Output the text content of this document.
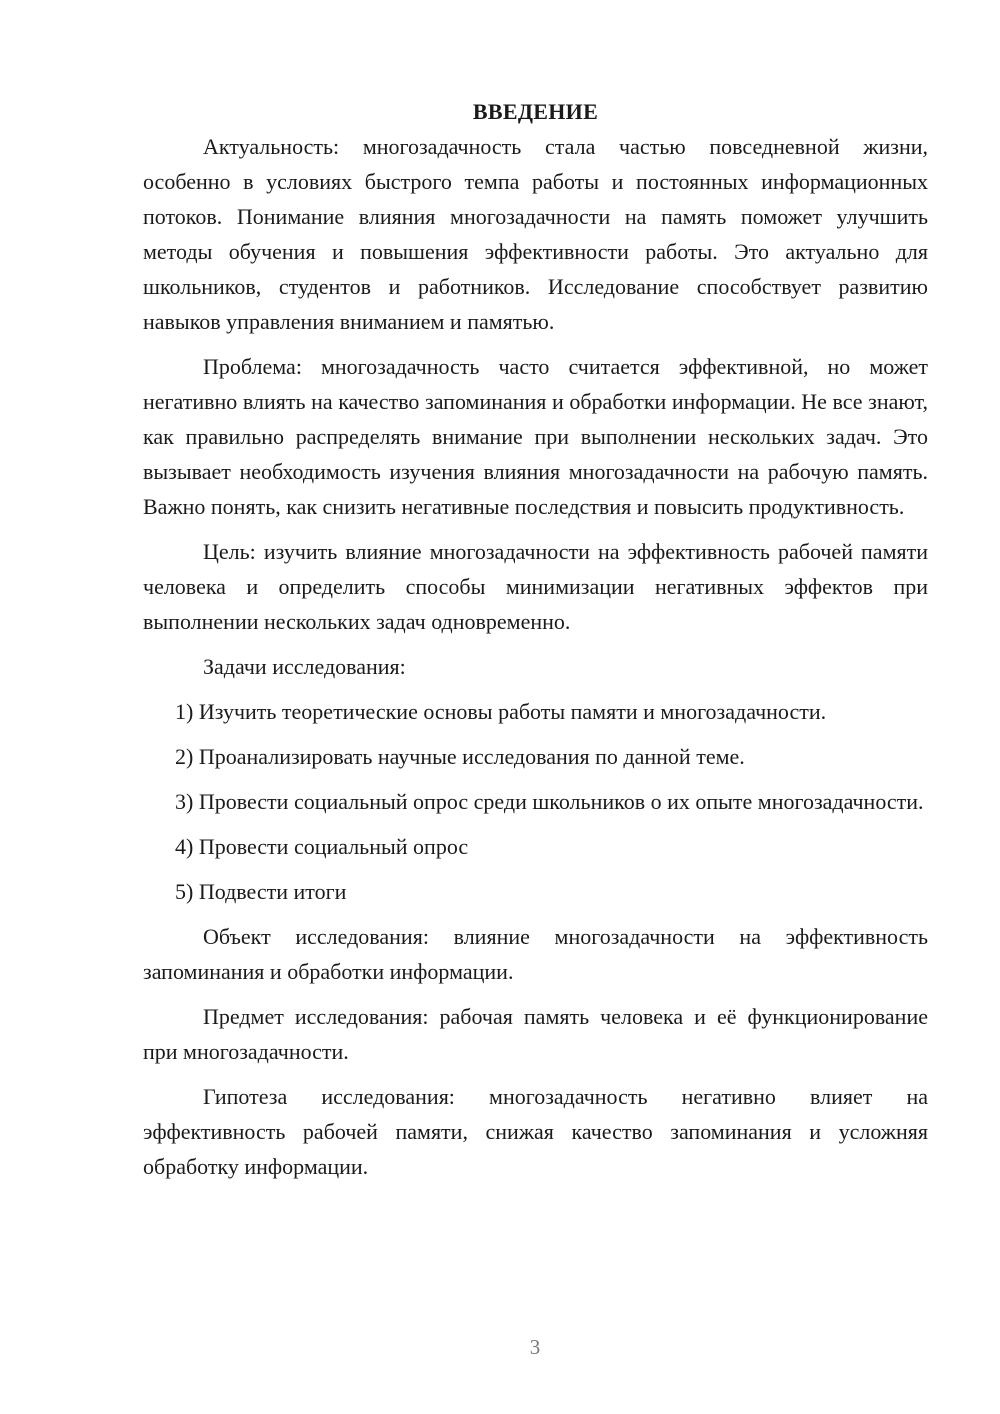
ВВЕДЕНИЕ

Актуальность: многозадачность стала частью повседневной жизни, особенно в условиях быстрого темпа работы и постоянных информационных потоков. Понимание влияния многозадачности на память поможет улучшить методы обучения и повышения эффективности работы. Это актуально для школьников, студентов и работников. Исследование способствует развитию навыков управления вниманием и памятью.

Проблема: многозадачность часто считается эффективной, но может негативно влиять на качество запоминания и обработки информации. Не все знают, как правильно распределять внимание при выполнении нескольких задач. Это вызывает необходимость изучения влияния многозадачности на рабочую память. Важно понять, как снизить негативные последствия и повысить продуктивность.

Цель: изучить влияние многозадачности на эффективность рабочей памяти человека и определить способы минимизации негативных эффектов при выполнении нескольких задач одновременно.

Задачи исследования:

1) Изучить теоретические основы работы памяти и многозадачности.

2) Проанализировать научные исследования по данной теме.

3) Провести социальный опрос среди школьников о их опыте многозадачности.

4) Провести социальный опрос

5) Подвести итоги

Объект исследования: влияние многозадачности на эффективность запоминания и обработки информации.

Предмет исследования: рабочая память человека и её функционирование при многозадачности.

Гипотеза исследования: многозадачность негативно влияет на эффективность рабочей памяти, снижая качество запоминания и усложняя обработку информации.

3
